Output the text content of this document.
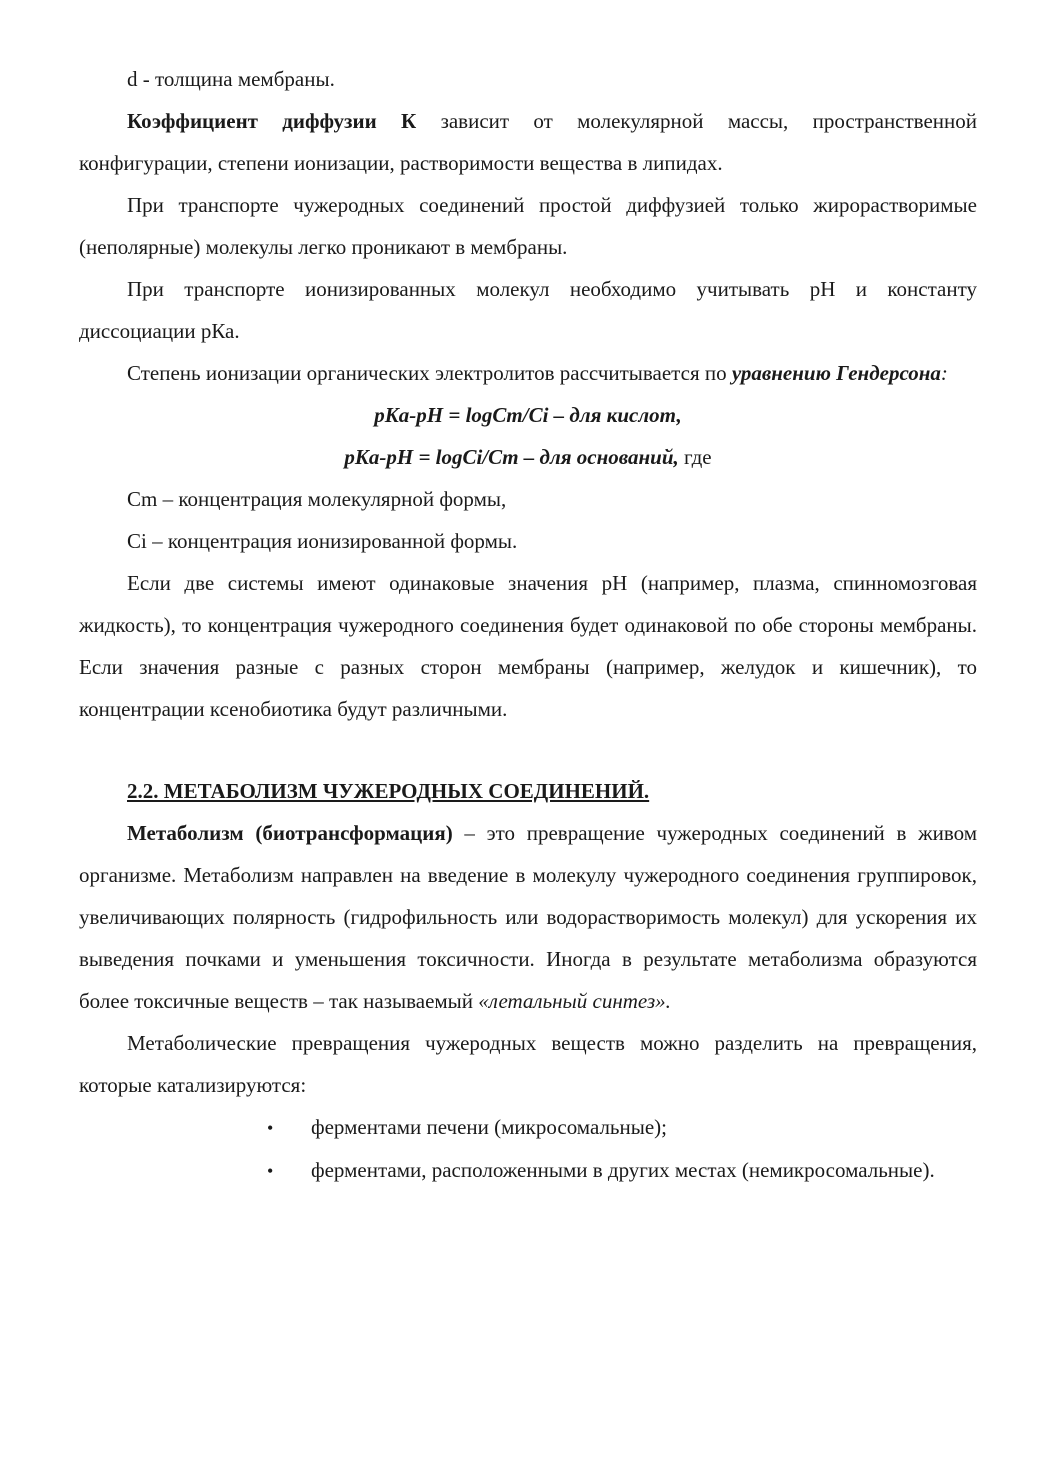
d - толщина мембраны.

Коэффициент диффузии К зависит от молекулярной массы, пространственной конфигурации, степени ионизации, растворимости вещества в липидах.

При транспорте чужеродных соединений простой диффузией только жирорастворимые (неполярные) молекулы легко проникают в мембраны.

При транспорте ионизированных молекул необходимо учитывать рН и константу диссоциации рКа.

Степень ионизации органических электролитов рассчитывается по уравнению Гендерсона:

pKa-pH = logCm/Ci – для кислот,

pKa-pH = logCi/Cm – для оснований, где

Cm – концентрация молекулярной формы,

Ci – концентрация ионизированной формы.

Если две системы имеют одинаковые значения рН (например, плазма, спинномозговая жидкость), то концентрация чужеродного соединения будет одинаковой по обе стороны мембраны. Если значения разные с разных сторон мембраны (например, желудок и кишечник), то концентрации ксенобиотика будут различными.

2.2. МЕТАБОЛИЗМ ЧУЖЕРОДНЫХ СОЕДИНЕНИЙ.

Метаболизм (биотрансформация) – это превращение чужеродных соединений в живом организме. Метаболизм направлен на введение в молекулу чужеродного соединения группировок, увеличивающих полярность (гидрофильность или водорастворимость молекул) для ускорения их выведения почками и уменьшения токсичности. Иногда в результате метаболизма образуются более токсичные веществ – так называемый «летальный синтез».

Метаболические превращения чужеродных веществ можно разделить на превращения, которые катализируются:

• ферментами печени (микросомальные);

• ферментами, расположенными в других местах (немикросомальные).
